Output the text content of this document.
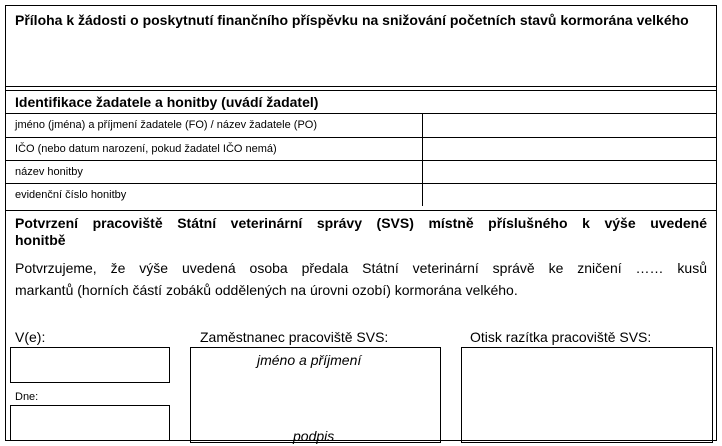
Příloha k žádosti o poskytnutí finančního příspěvku na snižování početních stavů kormorána velkého
Identifikace žadatele a honitby (uvádí žadatel)
jméno (jména) a příjmení žadatele (FO) / název žadatele (PO)	
IČO (nebo datum narození, pokud žadatel IČO nemá)	
název honitby	
evidenční číslo honitby	
Potvrzení pracoviště Státní veterinární správy (SVS) místně příslušného k výše uvedené
honitbě
Potvrzujeme, že výše uvedená osoba předala Státní veterinární správě ke zničení …… kusů
markantů (horních částí zobáků oddělených na úrovni ozobí) kormorána velkého.
V(e):
Dne:
Zaměstnanec pracoviště SVS:
jméno a příjmení
podpis
Otisk razítka pracoviště SVS:
